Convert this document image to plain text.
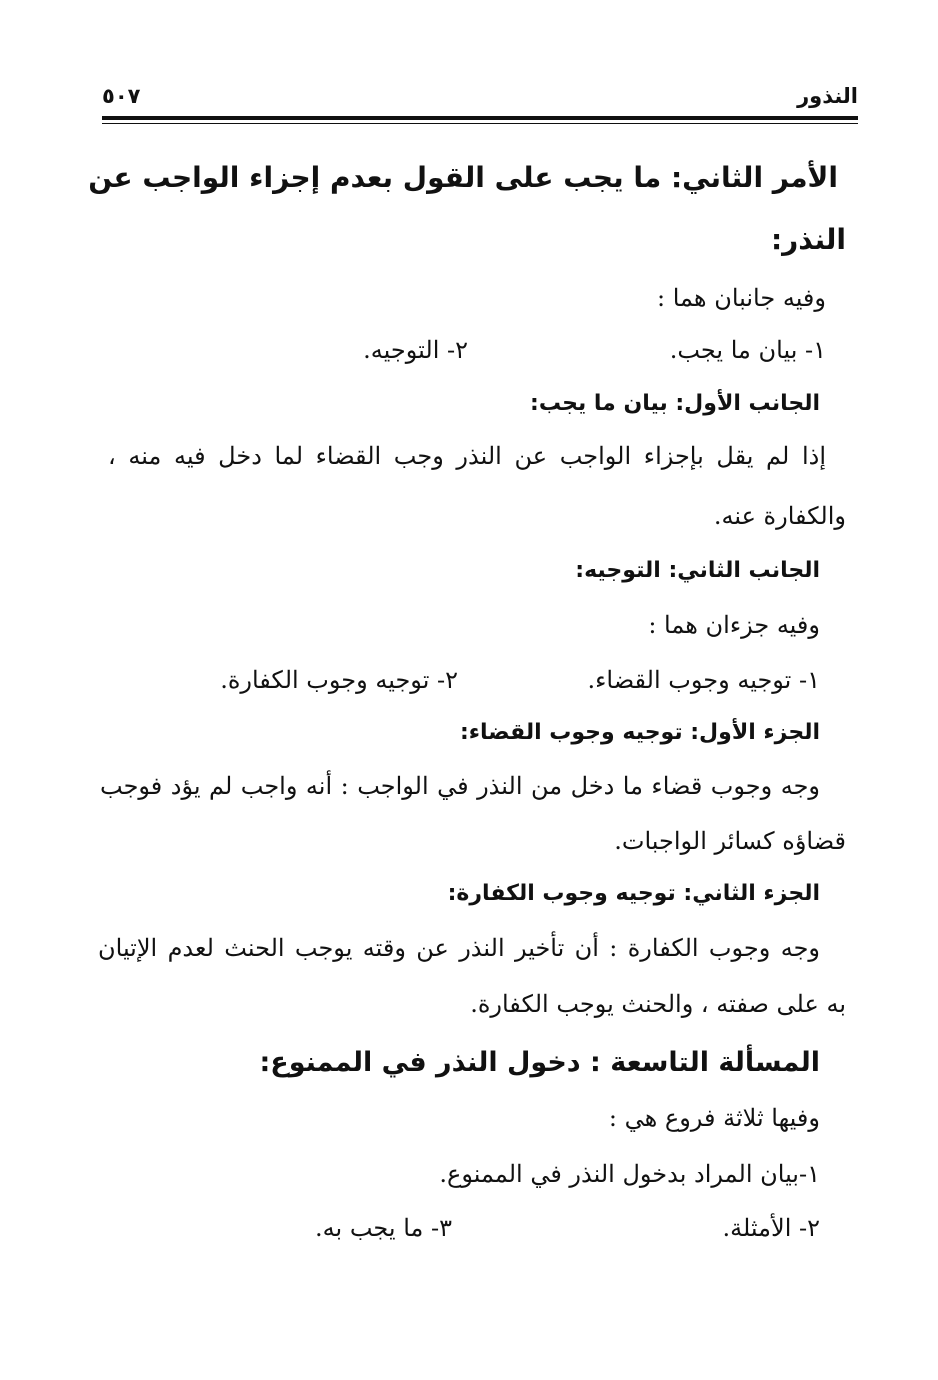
النذور
٥٠٧
الأمر الثاني: ما يجب على القول بعدم إجزاء الواجب عن
النذر:
وفيه جانبان هما :
١- بيان ما يجب.
٢- التوجيه.
الجانب الأول: بيان ما يجب:
إذا لم يقل بإجزاء الواجب عن النذر وجب القضاء لما دخل فيه منه ،
والكفارة عنه.
الجانب الثاني: التوجيه:
وفيه جزءان هما :
١- توجيه وجوب القضاء.
٢- توجيه وجوب الكفارة.
الجزء الأول: توجيه وجوب القضاء:
وجه وجوب قضاء ما دخل من النذر في الواجب : أنه واجب لم يؤد فوجب
قضاؤه كسائر الواجبات.
الجزء الثاني: توجيه وجوب الكفارة:
وجه وجوب الكفارة : أن تأخير النذر عن وقته يوجب الحنث لعدم الإتيان
به على صفته ، والحنث يوجب الكفارة.
المسألة التاسعة : دخول النذر في الممنوع:
وفيها ثلاثة فروع هي :
١-بيان المراد بدخول النذر في الممنوع.
٢- الأمثلة.
٣- ما يجب به.
